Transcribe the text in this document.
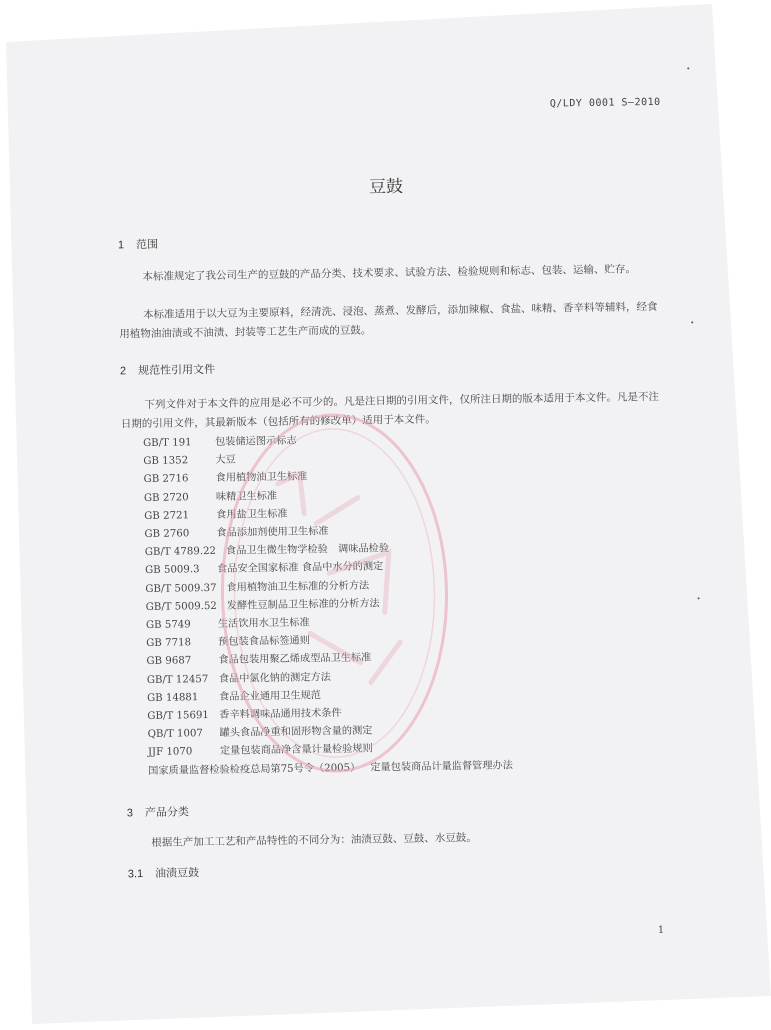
Q/LDY 0001 S—2010
豆鼓
1 范围
本标准规定了我公司生产的豆鼓的产品分类、技术要求、试验方法、检验规则和标志、包装、运输、贮存。
本标准适用于以大豆为主要原料，经清洗、浸泡、蒸煮、发酵后，添加辣椒、食盐、味精、香辛料等辅料，经食用植物油油渍或不油渍、封装等工艺生产而成的豆鼓。
2 规范性引用文件
下列文件对于本文件的应用是必不可少的。凡是注日期的引用文件，仅所注日期的版本适用于本文件。凡是不注日期的引用文件，其最新版本（包括所有的修改单）适用于本文件。
GB/T 191 包装储运图示标志
GB 1352	大豆
GB 2716	食用植物油卫生标准
GB 2720	味精卫生标准
GB 2721	食用盐卫生标准
GB 2760	食品添加剂使用卫生标准
GB/T 4789.22 食品卫生微生物学检验　调味品检验
GB 5009.3 食品安全国家标准 食品中水分的测定
GB/T 5009.37 食用植物油卫生标准的分析方法
GB/T 5009.52 发酵性豆制品卫生标准的分析方法
GB 5749	生活饮用水卫生标准
GB 7718	预包装食品标签通则
GB 9687	食品包装用聚乙烯成型品卫生标准
GB/T 12457 食品中氯化钠的测定方法
GB 14881 食品企业通用卫生规范
GB/T 15691 香辛料调味品通用技术条件
QB/T 1007 罐头食品净重和固形物含量的测定
JJF 1070	定量包装商品净含量计量检验规则
国家质量监督检验检疫总局第75号令（2005） 定量包装商品计量监督管理办法
3 产品分类
根据生产加工工艺和产品特性的不同分为：油渍豆鼓、豆鼓、水豆鼓。
3.1 油渍豆鼓
1
